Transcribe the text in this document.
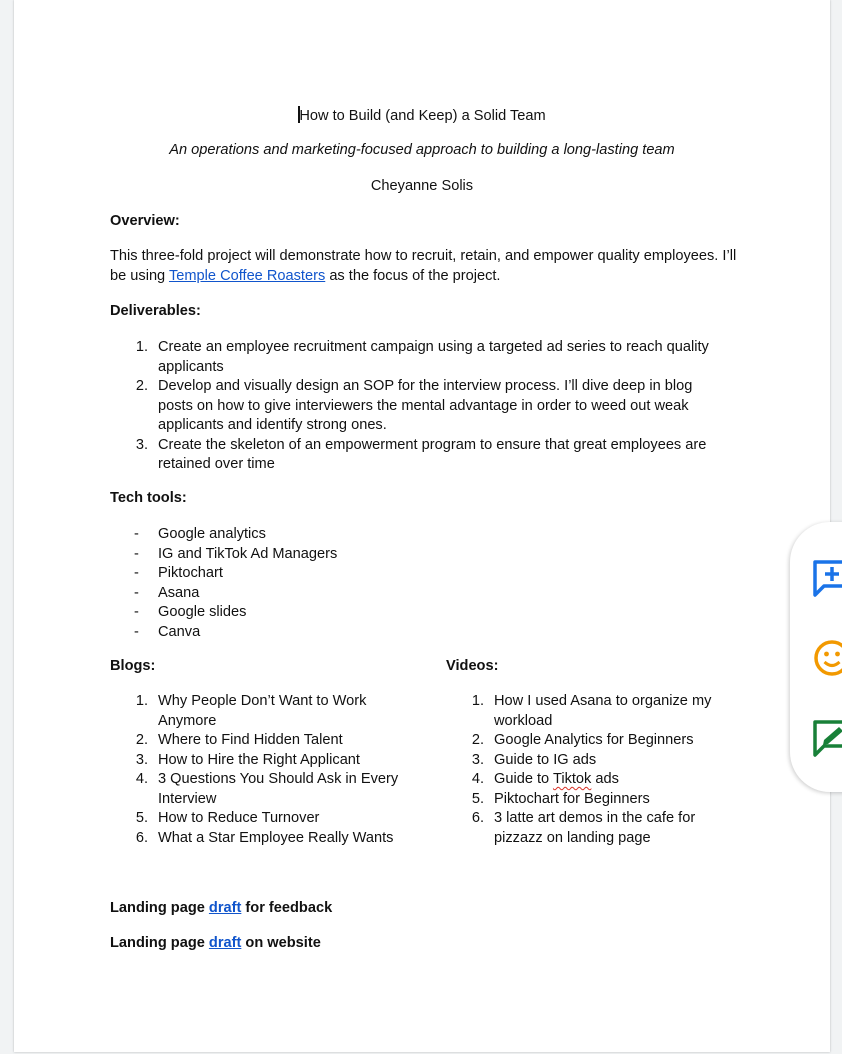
How to Build (and Keep) a Solid Team
An operations and marketing-focused approach to building a long-lasting team
Cheyanne Solis
Overview:
This three-fold project will demonstrate how to recruit, retain, and empower quality employees. I’ll be using Temple Coffee Roasters as the focus of the project.
Deliverables:
1. Create an employee recruitment campaign using a targeted ad series to reach quality applicants
2. Develop and visually design an SOP for the interview process. I’ll dive deep in blog posts on how to give interviewers the mental advantage in order to weed out weak applicants and identify strong ones.
3. Create the skeleton of an empowerment program to ensure that great employees are retained over time
Tech tools:
- Google analytics
- IG and TikTok Ad Managers
- Piktochart
- Asana
- Google slides
- Canva
Blogs:
1. Why People Don’t Want to Work Anymore
2. Where to Find Hidden Talent
3. How to Hire the Right Applicant
4. 3 Questions You Should Ask in Every Interview
5. How to Reduce Turnover
6. What a Star Employee Really Wants
Videos:
1. How I used Asana to organize my workload
2. Google Analytics for Beginners
3. Guide to IG ads
4. Guide to Tiktok ads
5. Piktochart for Beginners
6. 3 latte art demos in the cafe for pizzazz on landing page
Landing page draft for feedback
Landing page draft on website
